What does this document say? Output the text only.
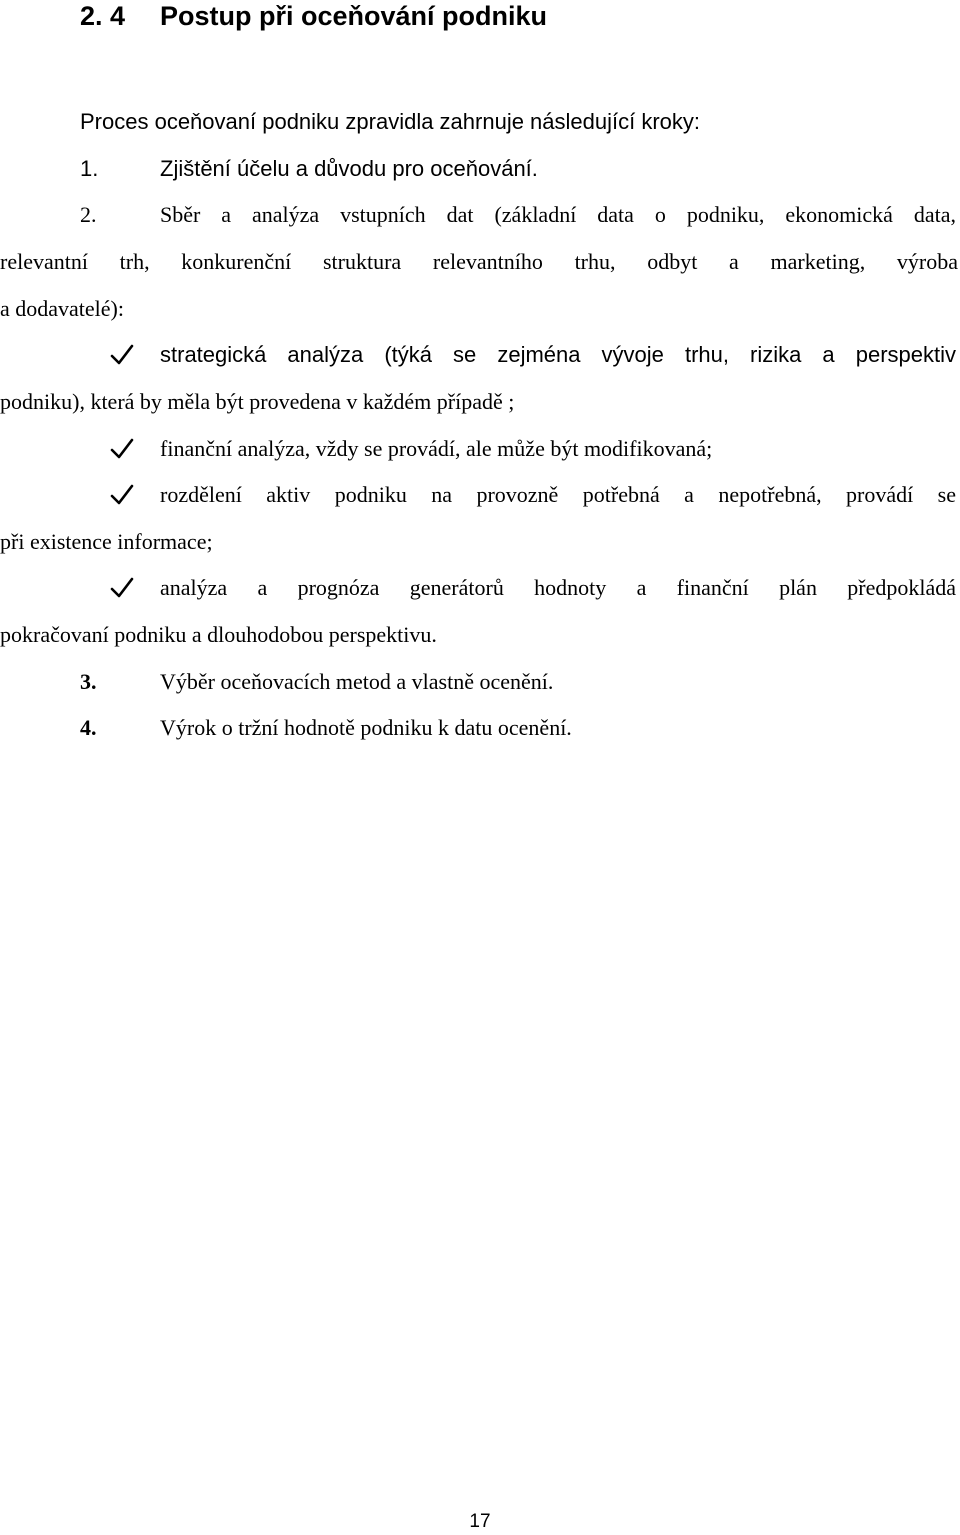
2. 4 Postup při oceňování podniku
Proces oceňovaní podniku zpravidla zahrnuje následující kroky:
1.	Zjištění účelu a důvodu pro oceňování.
2.	Sběr a analýza vstupních dat (základní data o podniku, ekonomická data,
relevantní trh, konkurenční struktura relevantního trhu, odbyt a marketing, výroba
a dodavatelé):
strategická analýza (týká se zejména vývoje trhu, rizika a perspektiv
podniku), která by měla být provedena v každém případě ;
finanční analýza, vždy se provádí, ale může být modifikovaná;
rozdělení aktiv podniku na provozně potřebná a nepotřebná, provádí se
při existence informace;
analýza a prognóza generátorů hodnoty a finanční plán předpokládá
pokračovaní podniku a dlouhodobou perspektivu.
3.	Výběr oceňovacích metod a vlastně ocenění.
4.	Výrok o tržní hodnotě podniku k datu ocenění.
17
